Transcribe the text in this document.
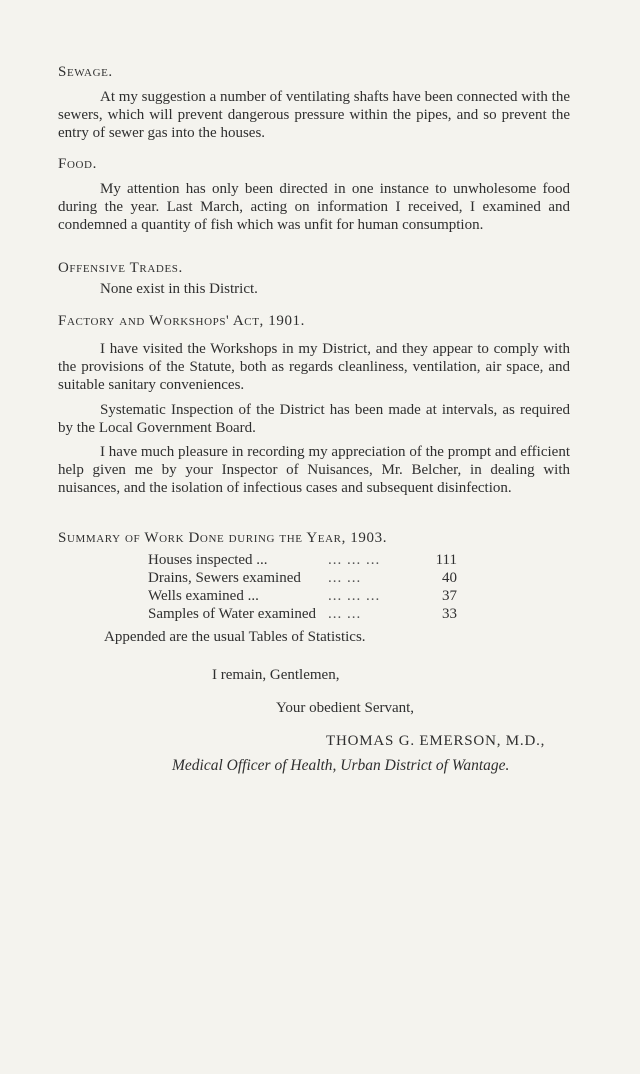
Sewage.

At my suggestion a number of ventilating shafts have been connected with the sewers, which will prevent dangerous pressure within the pipes, and so prevent the entry of sewer gas into the houses.

Food.

My attention has only been directed in one instance to unwholesome food during the year. Last March, acting on information I received, I examined and condemned a quantity of fish which was unfit for human consumption.

Offensive Trades.

None exist in this District.

Factory and Workshops' Act, 1901.

I have visited the Workshops in my District, and they appear to comply with the provisions of the Statute, both as regards cleanliness, ventilation, air space, and suitable sanitary conveniences.

Systematic Inspection of the District has been made at intervals, as required by the Local Government Board.

I have much pleasure in recording my appreciation of the prompt and efficient help given me by your Inspector of Nuisances, Mr. Belcher, in dealing with nuisances, and the isolation of infectious cases and subsequent disinfection.

Summary of Work Done during the Year, 1903.
Houses inspected ...	... ... ...	111
Drains, Sewers examined	... ...	40
Wells examined ...	... ... ...	37
Samples of Water examined	... ...	33
Appended are the usual Tables of Statistics.
I remain, Gentlemen,
Your obedient Servant,
THOMAS G. EMERSON, M.D.,
Medical Officer of Health, Urban District of Wantage.
